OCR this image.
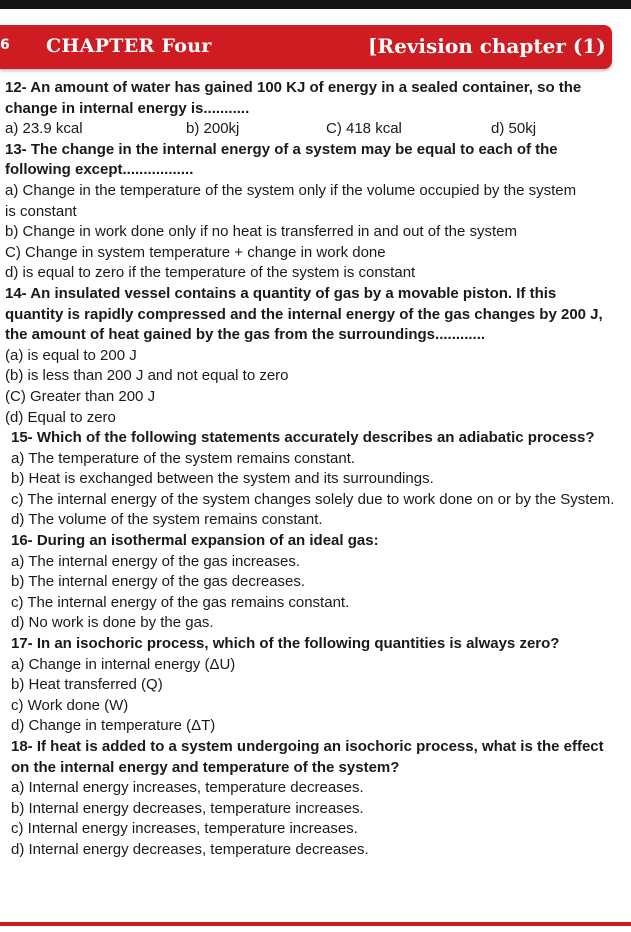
6 CHAPTER Four	[Revision chapter (1)
12- An amount of water has gained 100 KJ of energy in a sealed container, so the
change in internal energy is...........
a) 23.9 kcal	b) 200kj	C) 418 kcal	d) 50kj
13- The change in the internal energy of a system may be equal to each of the
following except.................
a) Change in the temperature of the system only if the volume occupied by the system
is constant
b) Change in work done only if no heat is transferred in and out of the system
C) Change in system temperature + change in work done
d) is equal to zero if the temperature of the system is constant
14- An insulated vessel contains a quantity of gas by a movable piston. If this
quantity is rapidly compressed and the internal energy of the gas changes by 200 J,
the amount of heat gained by the gas from the surroundings............
(a) is equal to 200 J
(b) is less than 200 J and not equal to zero
(C) Greater than 200 J
(d) Equal to zero
15- Which of the following statements accurately describes an adiabatic process?
a) The temperature of the system remains constant.
b) Heat is exchanged between the system and its surroundings.
c) The internal energy of the system changes solely due to work done on or by the System.
d) The volume of the system remains constant.
16- During an isothermal expansion of an ideal gas:
a) The internal energy of the gas increases.
b) The internal energy of the gas decreases.
c) The internal energy of the gas remains constant.
d) No work is done by the gas.
17- In an isochoric process, which of the following quantities is always zero?
a) Change in internal energy (ΔU)
b) Heat transferred (Q)
c) Work done (W)
d) Change in temperature (ΔT)
18- If heat is added to a system undergoing an isochoric process, what is the effect
on the internal energy and temperature of the system?
a) Internal energy increases, temperature decreases.
b) Internal energy decreases, temperature increases.
c) Internal energy increases, temperature increases.
d) Internal energy decreases, temperature decreases.
